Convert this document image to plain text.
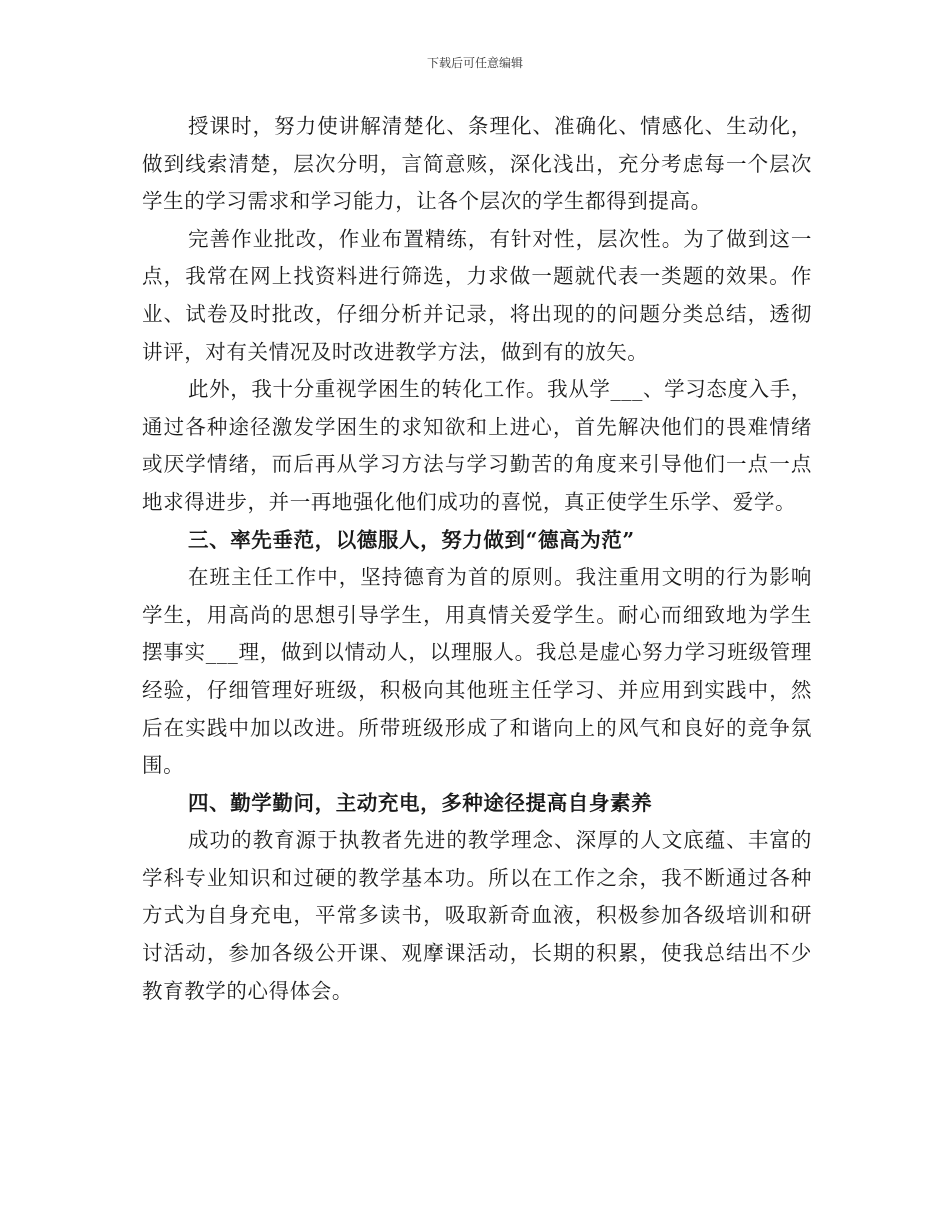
下载后可任意编辑

授课时，努力使讲解清楚化、条理化、准确化、情感化、生动化，做到线索清楚，层次分明，言简意赅，深化浅出，充分考虑每一个层次学生的学习需求和学习能力，让各个层次的学生都得到提高。

完善作业批改，作业布置精练，有针对性，层次性。为了做到这一点，我常在网上找资料进行筛选，力求做一题就代表一类题的效果。作业、试卷及时批改，仔细分析并记录，将出现的的问题分类总结，透彻讲评，对有关情况及时改进教学方法，做到有的放矢。

此外，我十分重视学困生的转化工作。我从学___、学习态度入手，通过各种途径激发学困生的求知欲和上进心，首先解决他们的畏难情绪或厌学情绪，而后再从学习方法与学习勤苦的角度来引导他们一点一点地求得进步，并一再地强化他们成功的喜悦，真正使学生乐学、爱学。

三、率先垂范，以德服人，努力做到“德高为范”

在班主任工作中，坚持德育为首的原则。我注重用文明的行为影响学生，用高尚的思想引导学生，用真情关爱学生。耐心而细致地为学生摆事实___理，做到以情动人，以理服人。我总是虚心努力学习班级管理经验，仔细管理好班级，积极向其他班主任学习、并应用到实践中，然后在实践中加以改进。所带班级形成了和谐向上的风气和良好的竞争氛围。

四、勤学勤问，主动充电，多种途径提高自身素养

成功的教育源于执教者先进的教学理念、深厚的人文底蕴、丰富的学科专业知识和过硬的教学基本功。所以在工作之余，我不断通过各种方式为自身充电，平常多读书，吸取新奇血液，积极参加各级培训和研讨活动，参加各级公开课、观摩课活动，长期的积累，使我总结出不少教育教学的心得体会。
